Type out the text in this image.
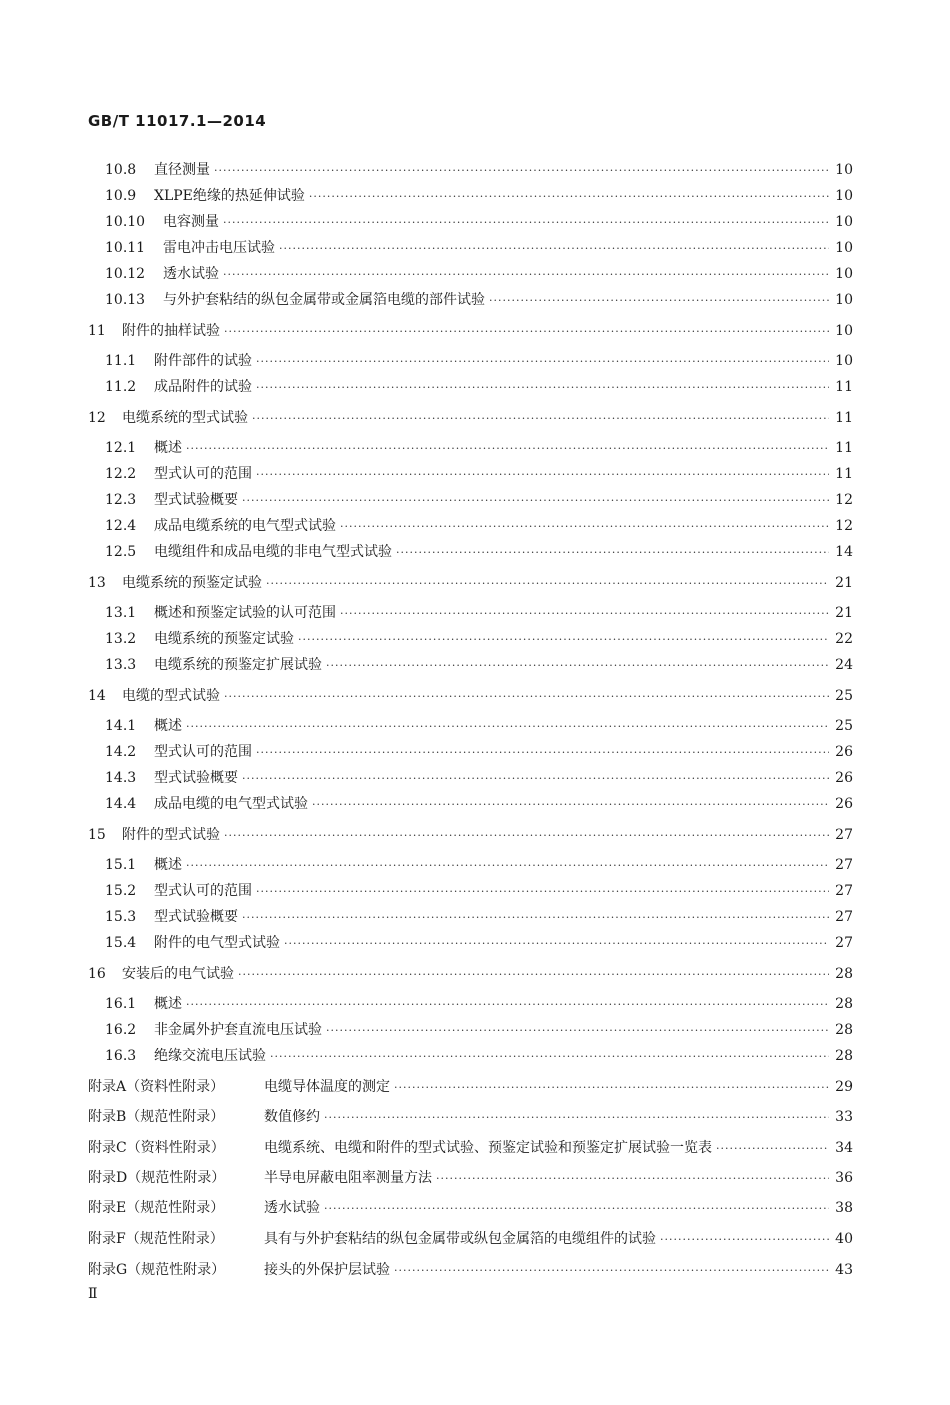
GB/T 11017.1—2014
10.8	直径测量 ·····	10
10.9	XLPE绝缘的热延伸试验 ·····	10
10.10	电容测量 ·····	10
10.11	雷电冲击电压试验 ·····	10
10.12	透水试验 ·····	10
10.13	与外护套粘结的纵包金属带或金属箔电缆的部件试验 ·····	10
11	附件的抽样试验 ·····	10
11.1	附件部件的试验 ·····	10
11.2	成品附件的试验 ·····	11
12	电缆系统的型式试验 ·····	11
12.1	概述 ·····	11
12.2	型式认可的范围 ·····	11
12.3	型式试验概要 ·····	12
12.4	成品电缆系统的电气型式试验 ·····	12
12.5	电缆组件和成品电缆的非电气型式试验 ·····	14
13	电缆系统的预鉴定试验 ·····	21
13.1	概述和预鉴定试验的认可范围 ·····	21
13.2	电缆系统的预鉴定试验 ·····	22
13.3	电缆系统的预鉴定扩展试验 ·····	24
14	电缆的型式试验 ·····	25
14.1	概述 ·····	25
14.2	型式认可的范围 ·····	26
14.3	型式试验概要 ·····	26
14.4	成品电缆的电气型式试验 ·····	26
15	附件的型式试验 ·····	27
15.1	概述 ·····	27
15.2	型式认可的范围 ·····	27
15.3	型式试验概要 ·····	27
15.4	附件的电气型式试验 ·····	27
16	安装后的电气试验 ·····	28
16.1	概述 ·····	28
16.2	非金属外护套直流电压试验 ·····	28
16.3	绝缘交流电压试验 ·····	28
附录A（资料性附录）	电缆导体温度的测定 ·····	29
附录B（规范性附录）	数值修约 ·····	33
附录C（资料性附录）	电缆系统、电缆和附件的型式试验、预鉴定试验和预鉴定扩展试验一览表 ·····	34
附录D（规范性附录）	半导电屏蔽电阻率测量方法 ·····	36
附录E（规范性附录）	透水试验 ·····	38
附录F（规范性附录）	具有与外护套粘结的纵包金属带或纵包金属箔的电缆组件的试验 ·····	40
附录G（规范性附录）	接头的外保护层试验 ·····	43
Ⅱ
